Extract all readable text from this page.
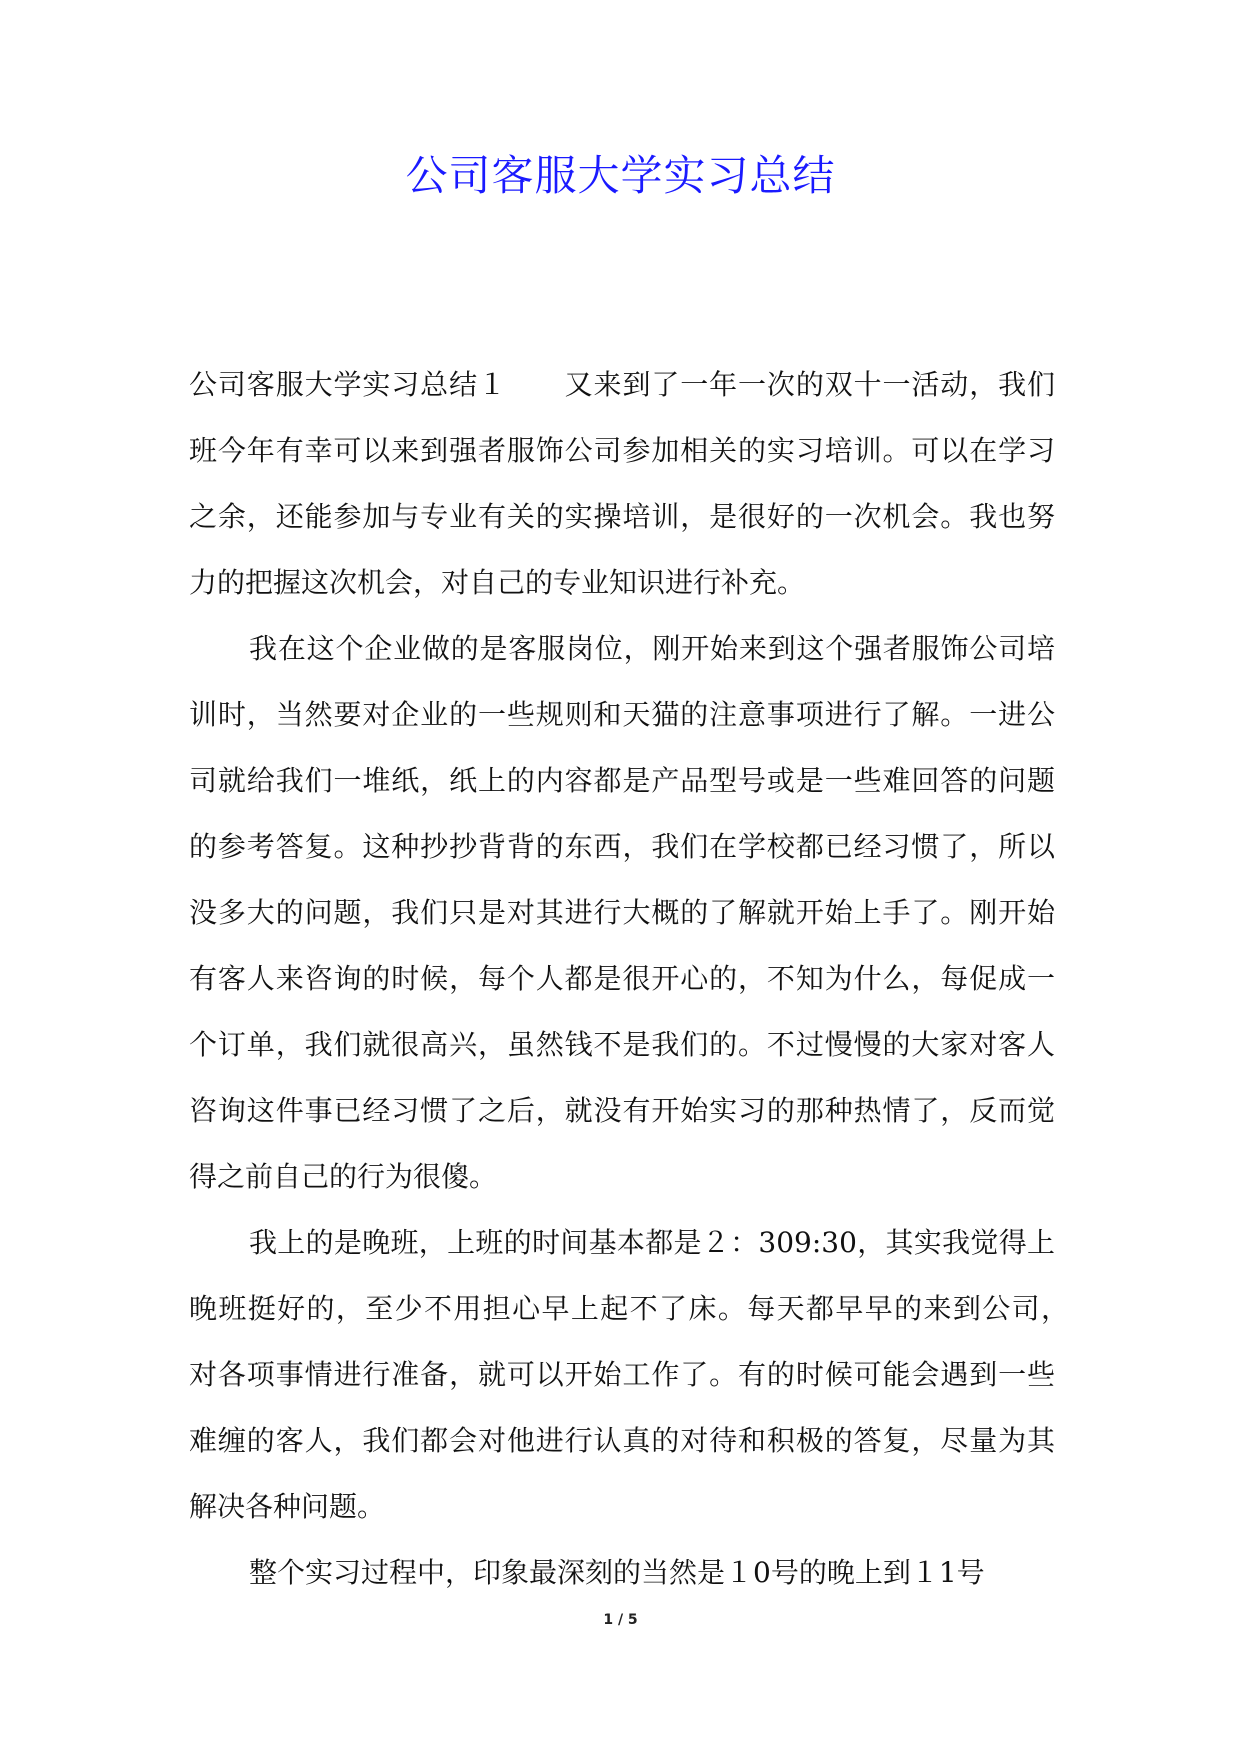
公司客服大学实习总结

公司客服大学实习总结１　　又来到了一年一次的双十一活动，我们班今年有幸可以来到强者服饰公司参加相关的实习培训。可以在学习之余，还能参加与专业有关的实操培训，是很好的一次机会。我也努力的把握这次机会，对自己的专业知识进行补充。

我在这个企业做的是客服岗位，刚开始来到这个强者服饰公司培训时，当然要对企业的一些规则和天猫的注意事项进行了解。一进公司就给我们一堆纸，纸上的内容都是产品型号或是一些难回答的问题的参考答复。这种抄抄背背的东西，我们在学校都已经习惯了，所以没多大的问题，我们只是对其进行大概的了解就开始上手了。刚开始有客人来咨询的时候，每个人都是很开心的，不知为什么，每促成一个订单，我们就很高兴，虽然钱不是我们的。不过慢慢的大家对客人咨询这件事已经习惯了之后，就没有开始实习的那种热情了，反而觉得之前自己的行为很傻。

我上的是晚班，上班的时间基本都是２：309:30，其实我觉得上晚班挺好的，至少不用担心早上起不了床。每天都早早的来到公司，　对各项事情进行准备，就可以开始工作了。有的时候可能会遇到一些难缠的客人，我们都会对他进行认真的对待和积极的答复，尽量为其解决各种问题。

整个实习过程中，印象最深刻的当然是１0号的晚上到１1号

1 / 5
